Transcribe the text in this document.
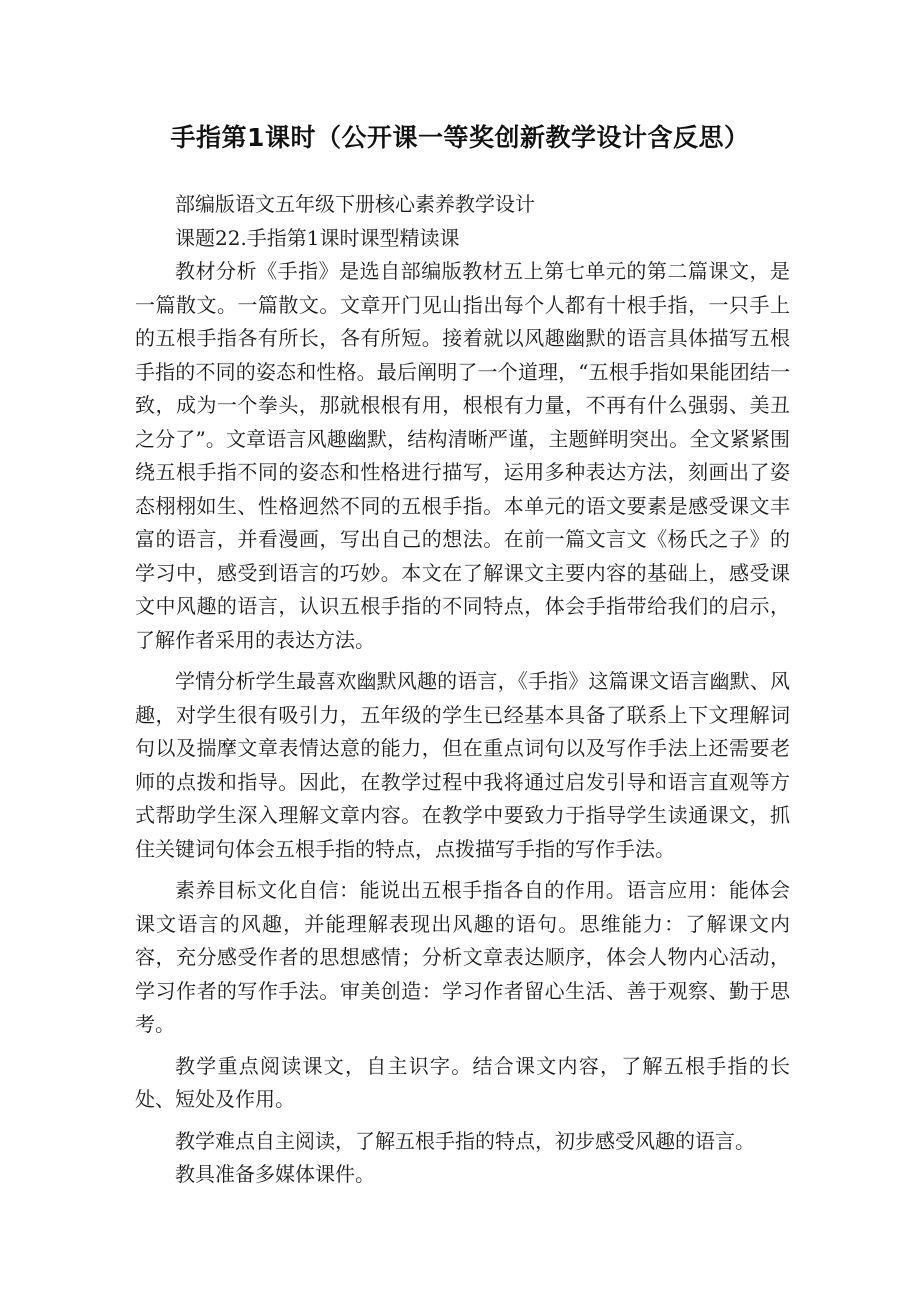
手指第1课时（公开课一等奖创新教学设计含反思）

部编版语文五年级下册核心素养教学设计

课题22.手指第1课时课型精读课

教材分析《手指》是选自部编版教材五上第七单元的第二篇课文，是一篇散文。一篇散文。文章开门见山指出每个人都有十根手指，一只手上的五根手指各有所长，各有所短。接着就以风趣幽默的语言具体描写五根手指的不同的姿态和性格。最后阐明了一个道理，“五根手指如果能团结一致，成为一个拳头，那就根根有用，根根有力量，不再有什么强弱、美丑之分了”。文章语言风趣幽默，结构清晰严谨，主题鲜明突出。全文紧紧围绕五根手指不同的姿态和性格进行描写，运用多种表达方法，刻画出了姿态栩栩如生、性格迥然不同的五根手指。本单元的语文要素是感受课文丰富的语言，并看漫画，写出自己的想法。在前一篇文言文《杨氏之子》的学习中，感受到语言的巧妙。本文在了解课文主要内容的基础上，感受课文中风趣的语言，认识五根手指的不同特点，体会手指带给我们的启示，了解作者采用的表达方法。

学情分析学生最喜欢幽默风趣的语言，《手指》这篇课文语言幽默、风趣，对学生很有吸引力，五年级的学生已经基本具备了联系上下文理解词句以及揣摩文章表情达意的能力，但在重点词句以及写作手法上还需要老师的点拨和指导。因此，在教学过程中我将通过启发引导和语言直观等方式帮助学生深入理解文章内容。在教学中要致力于指导学生读通课文，抓住关键词句体会五根手指的特点，点拨描写手指的写作手法。

素养目标文化自信：能说出五根手指各自的作用。语言应用：能体会课文语言的风趣，并能理解表现出风趣的语句。思维能力：了解课文内容，充分感受作者的思想感情；分析文章表达顺序，体会人物内心活动，学习作者的写作手法。审美创造：学习作者留心生活、善于观察、勤于思考。

教学重点阅读课文，自主识字。结合课文内容，了解五根手指的长处、短处及作用。

教学难点自主阅读，了解五根手指的特点，初步感受风趣的语言。

教具准备多媒体课件。
